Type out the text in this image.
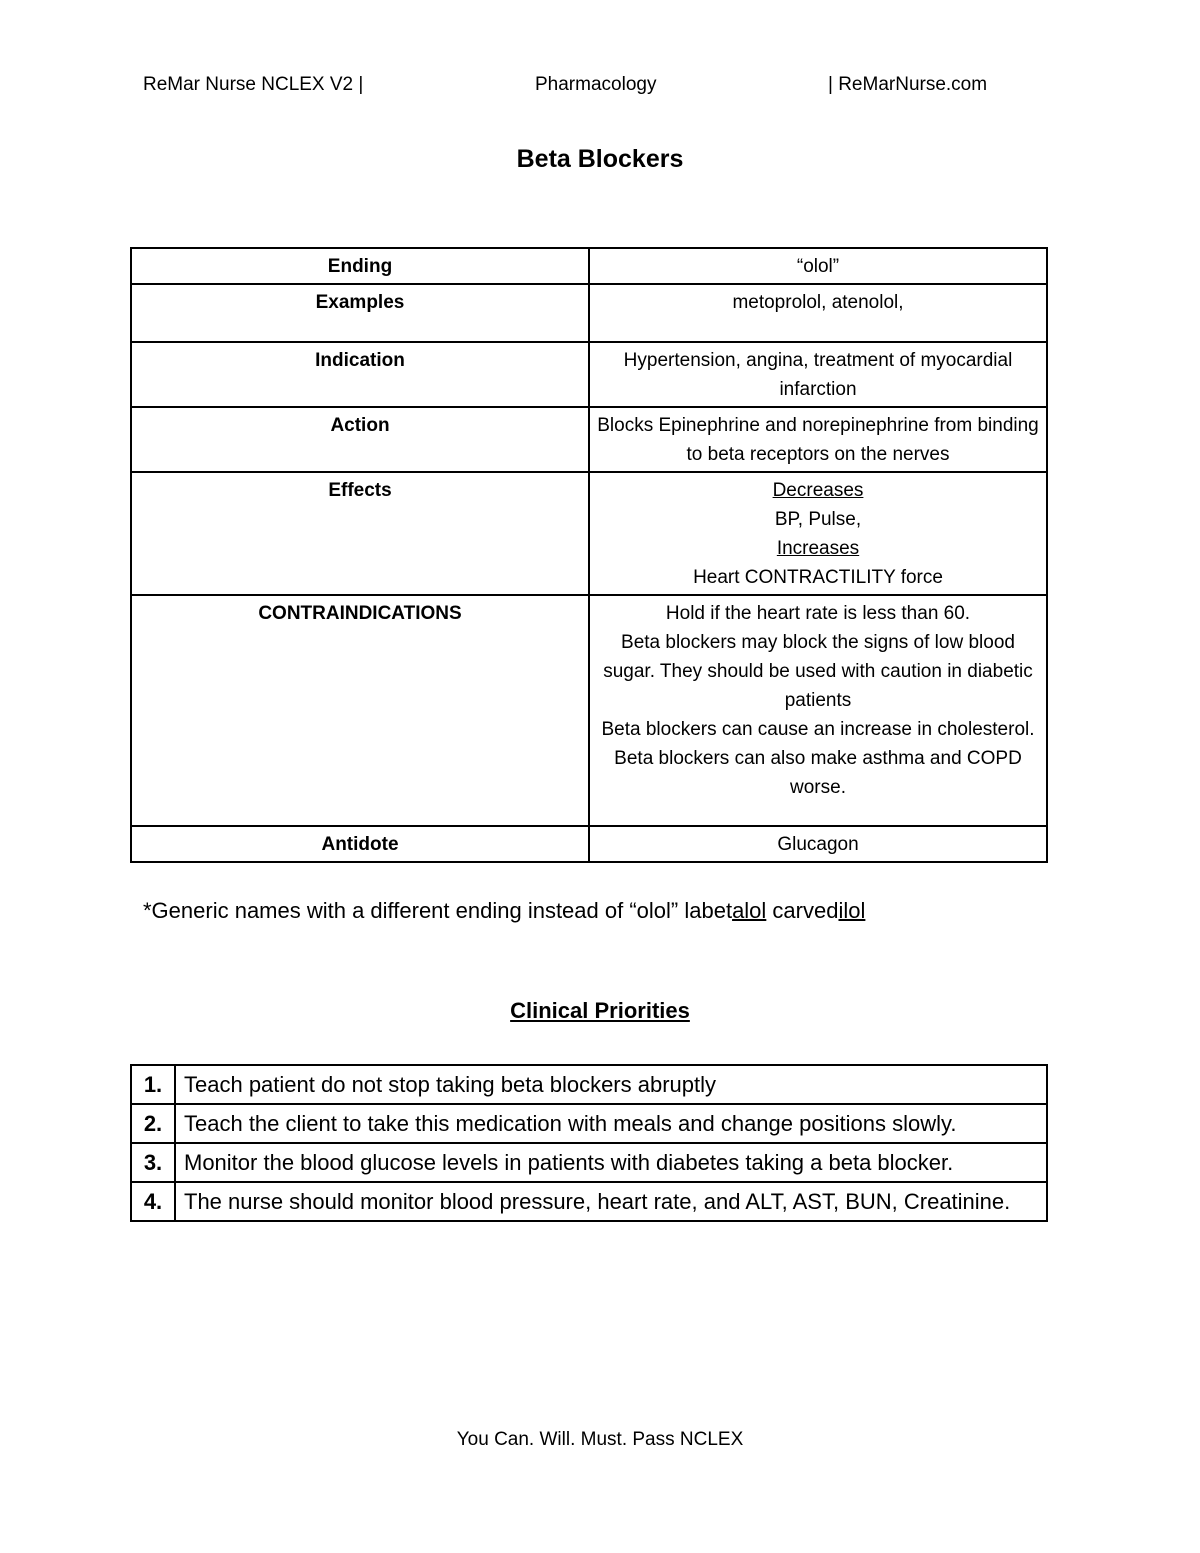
ReMar Nurse NCLEX V2 |	Pharmacology	| ReMarNurse.com
Beta Blockers
Ending	“olol”
Examples	metoprolol, atenolol,
Indication	Hypertension, angina, treatment of myocardial infarction
Action	Blocks Epinephrine and norepinephrine from binding to beta receptors on the nerves
Effects	Decreases
BP, Pulse,
Increases
Heart CONTRACTILITY force

CONTRAINDICATIONS	Hold if the heart rate is less than 60.
Beta blockers may block the signs of low blood sugar. They should be used with caution in diabetic patients
Beta blockers can cause an increase in cholesterol.
Beta blockers can also make asthma and COPD worse.

Antidote	Glucagon
*Generic names with a different ending instead of “olol” labetalol carvedilol
Clinical Priorities
1.	Teach patient do not stop taking beta blockers abruptly
2.	Teach the client to take this medication with meals and change positions slowly.
3.	Monitor the blood glucose levels in patients with diabetes taking a beta blocker.
4.	The nurse should monitor blood pressure, heart rate, and ALT, AST, BUN, Creatinine.
You Can. Will. Must. Pass NCLEX
